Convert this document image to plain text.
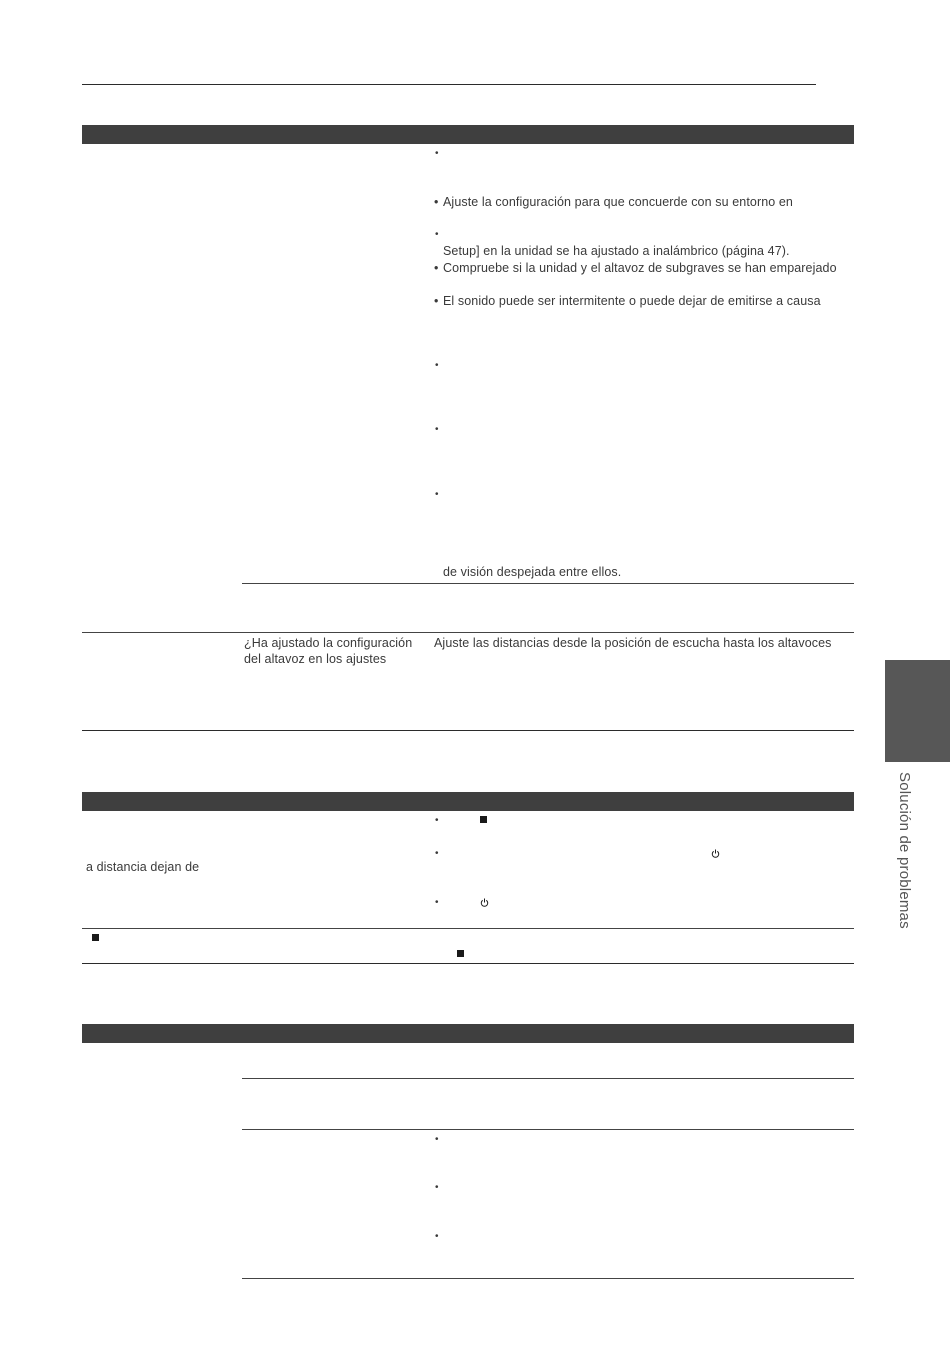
•
• Ajuste la configuración para que concuerde con su entorno en
•
Setup] en la unidad se ha ajustado a inalámbrico (página 47).
• Compruebe si la unidad y el altavoz de subgraves se han emparejado
• El sonido puede ser intermitente o puede dejar de emitirse a causa
•
•
•
de visión despejada entre ellos.
¿Ha ajustado la configuración
del altavoz en los ajustes
Ajuste las distancias desde la posición de escucha hasta los altavoces
•
•
a distancia dejan de
•
•
•
•
Solución de problemas
